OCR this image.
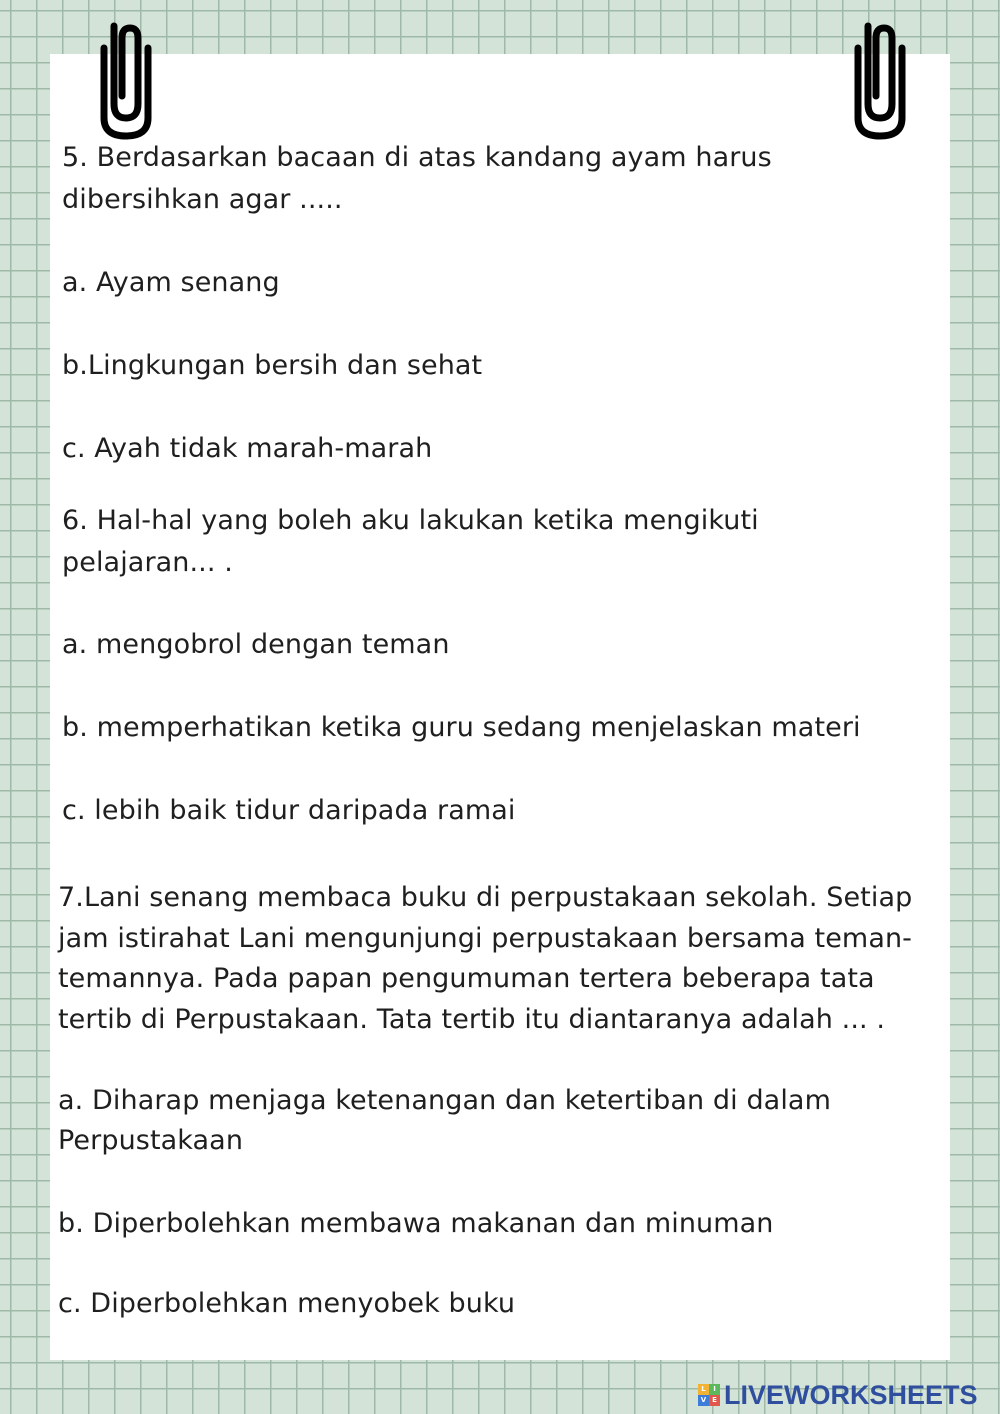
5. Berdasarkan bacaan di atas kandang ayam harus

dibersihkan agar .....

a. Ayam senang

b.Lingkungan bersih dan sehat

c. Ayah tidak marah-marah

6. Hal-hal yang boleh aku lakukan ketika mengikuti

pelajaran... .

a. mengobrol dengan teman

b. memperhatikan ketika guru sedang menjelaskan materi

c. lebih baik tidur daripada ramai

7.Lani senang membaca buku di perpustakaan sekolah. Setiap

jam istirahat Lani mengunjungi perpustakaan bersama teman-

temannya. Pada papan pengumuman tertera beberapa tata

tertib di Perpustakaan. Tata tertib itu diantaranya adalah ... .

a. Diharap menjaga ketenangan dan ketertiban di dalam
Perpustakaan

b. Diperbolehkan membawa makanan dan minuman

c. Diperbolehkan menyobek buku

L	I
V E LIVEWORKSHEETS
